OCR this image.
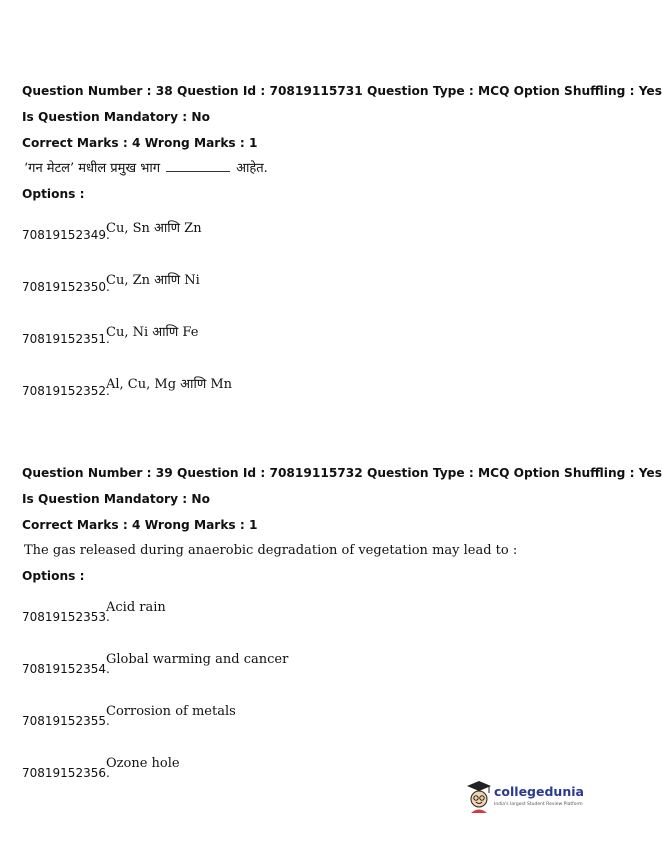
Question Number : 38 Question Id : 70819115731 Question Type : MCQ Option Shuffling : Yes
Is Question Mandatory : No
Correct Marks : 4 Wrong Marks : 1
‘गन मेटल’ मधील प्रमुख भाग	आहेत.
Options :
70819152349.
Cu, Sn आणि Zn
70819152350.
Cu, Zn आणि Ni
70819152351.
Cu, Ni आणि Fe
70819152352.
Al, Cu, Mg आणि Mn
Question Number : 39 Question Id : 70819115732 Question Type : MCQ Option Shuffling : Yes
Is Question Mandatory : No
Correct Marks : 4 Wrong Marks : 1
The gas released during anaerobic degradation of vegetation may lead to :
Options :
70819152353.
Acid rain
70819152354.
Global warming and cancer
70819152355.
Corrosion of metals
70819152356.
Ozone hole
collegedunia
India's largest Student Review Platform
